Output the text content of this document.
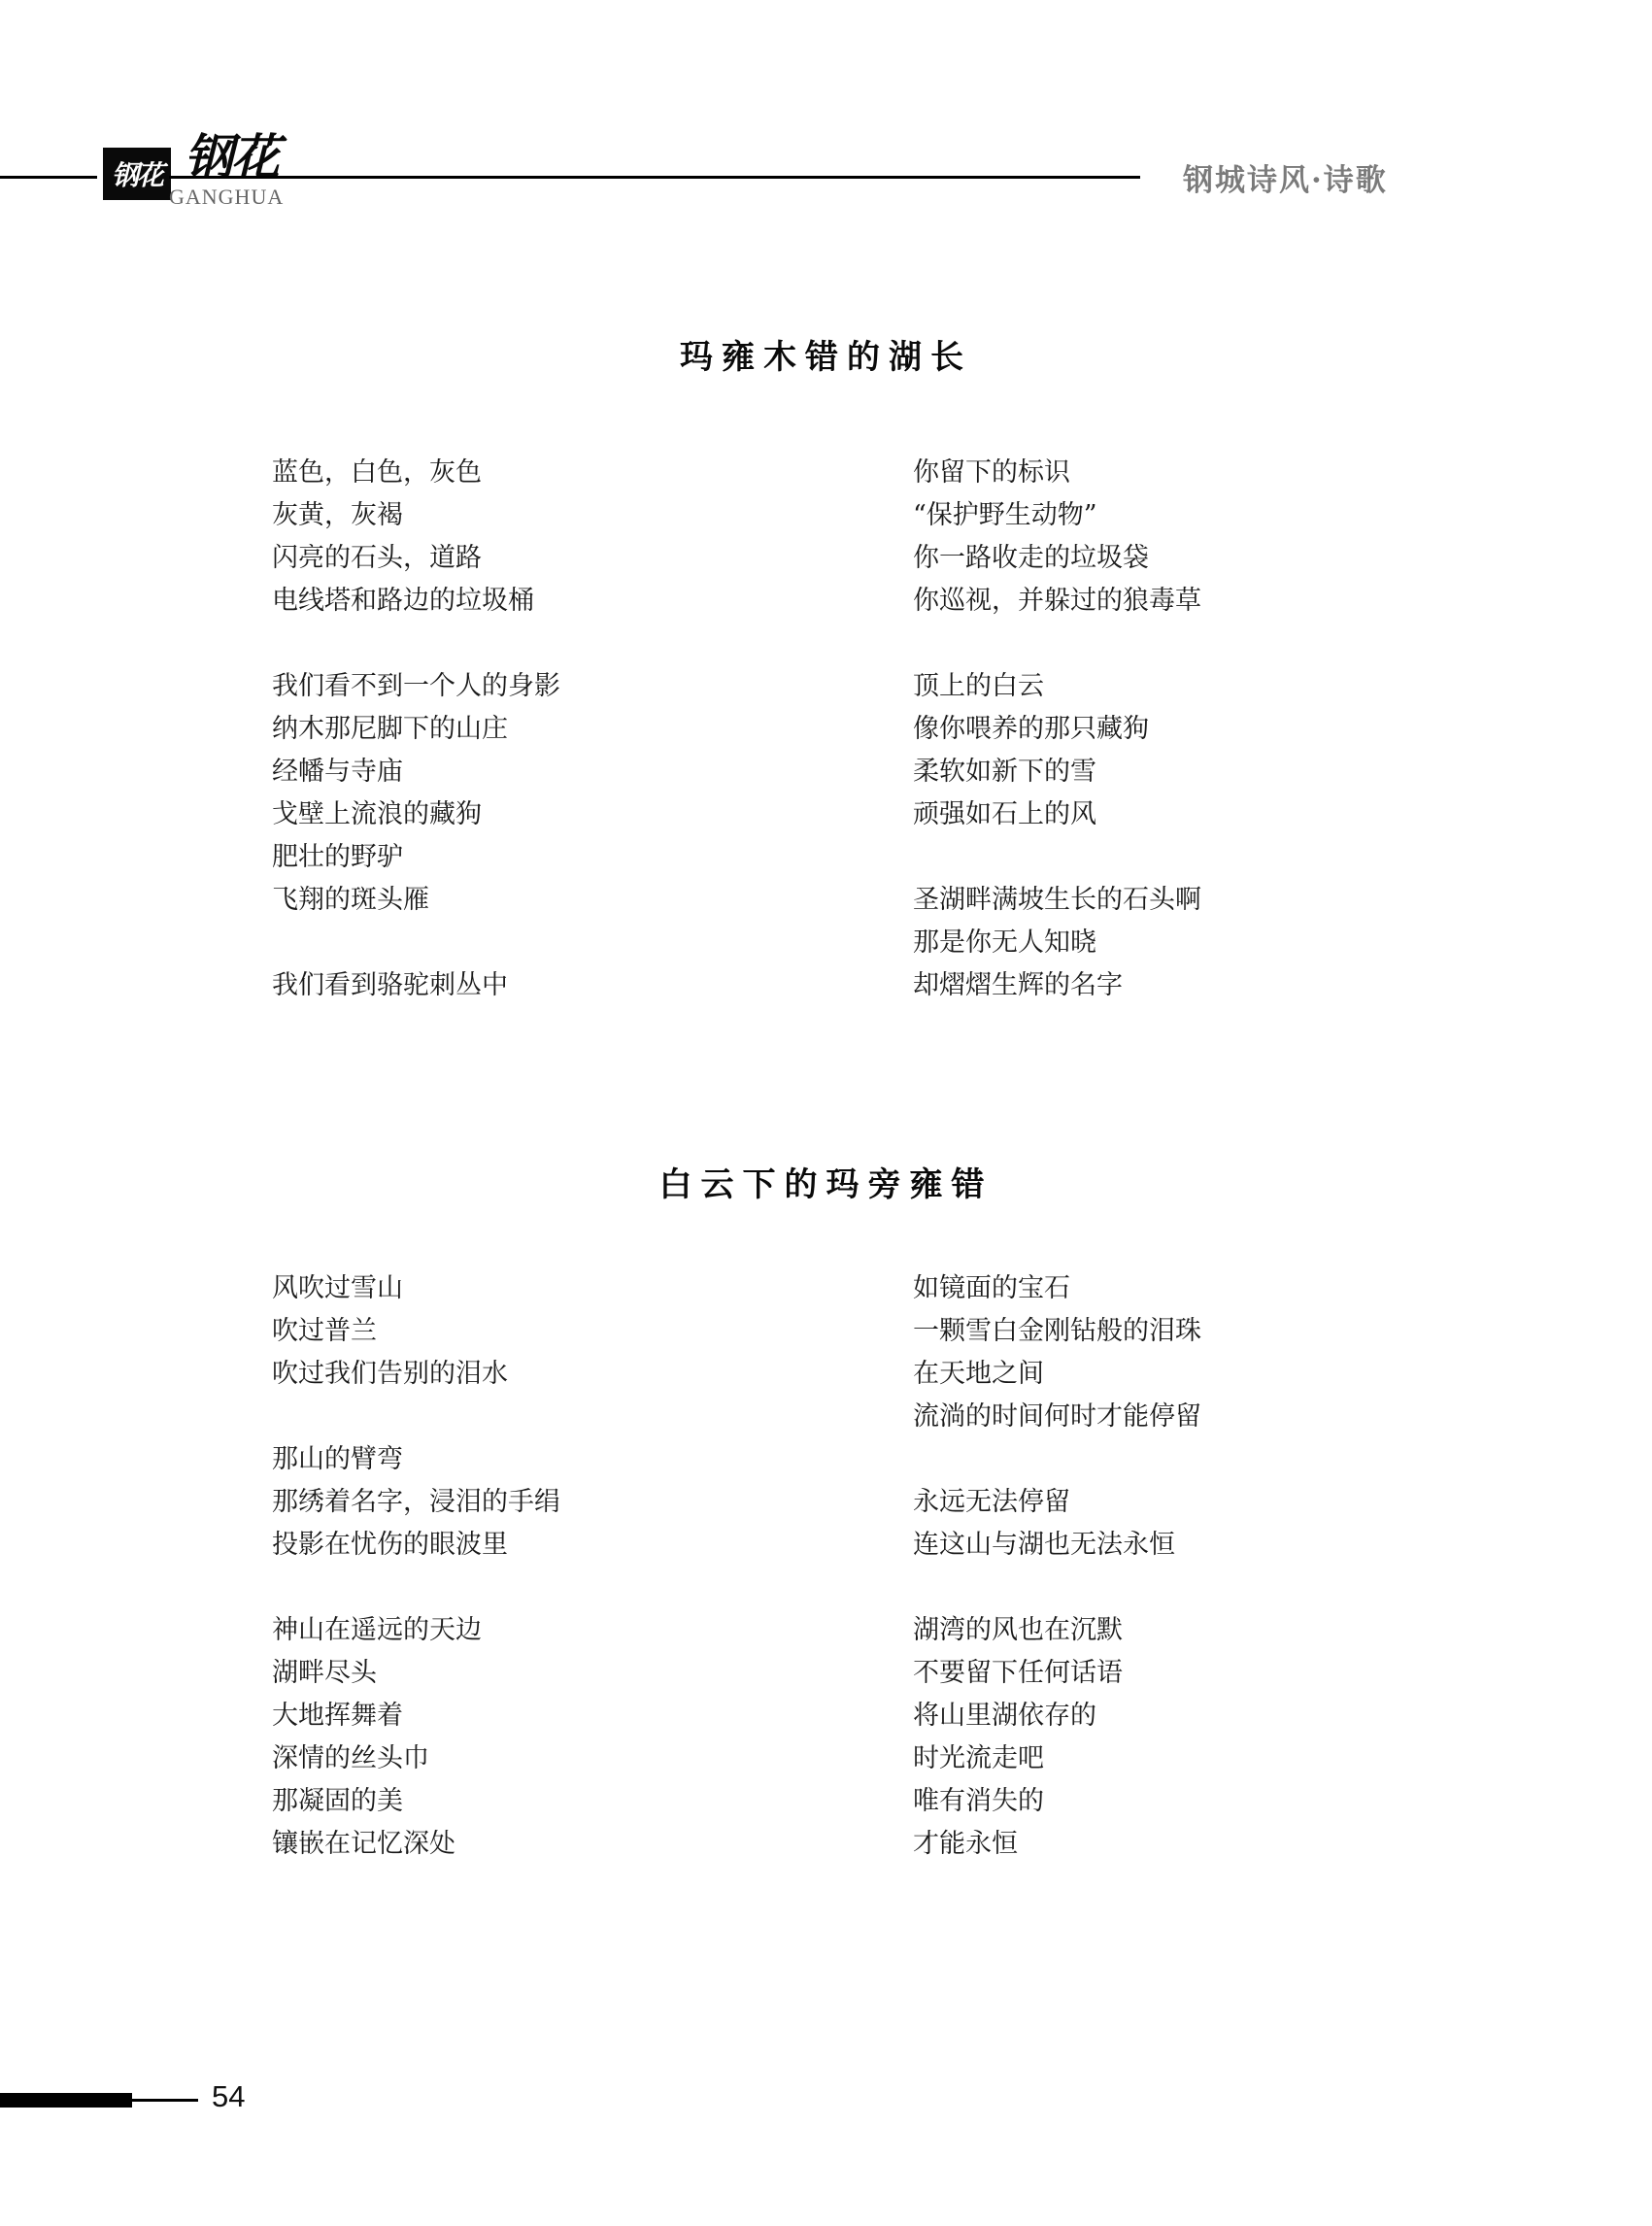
钢花 钢花
GANGHUA	钢城诗风·诗歌
玛雍木错的湖长
蓝色，白色，灰色
灰黄，灰褐
闪亮的石头，道路
电线塔和路边的垃圾桶
我们看不到一个人的身影
纳木那尼脚下的山庄
经幡与寺庙
戈壁上流浪的藏狗
肥壮的野驴
飞翔的斑头雁
我们看到骆驼刺丛中
你留下的标识
“保护野生动物”
你一路收走的垃圾袋
你巡视，并躲过的狼毒草
顶上的白云
像你喂养的那只藏狗
柔软如新下的雪
顽强如石上的风
圣湖畔满坡生长的石头啊
那是你无人知晓
却熠熠生辉的名字
白云下的玛旁雍错
风吹过雪山
吹过普兰
吹过我们告别的泪水
那山的臂弯
那绣着名字，浸泪的手绢
投影在忧伤的眼波里
神山在遥远的天边
湖畔尽头
大地挥舞着
深情的丝头巾
那凝固的美
镶嵌在记忆深处
如镜面的宝石
一颗雪白金刚钻般的泪珠
在天地之间
流淌的时间何时才能停留
永远无法停留
连这山与湖也无法永恒
湖湾的风也在沉默
不要留下任何话语
将山里湖依存的
时光流走吧
唯有消失的
才能永恒
54
